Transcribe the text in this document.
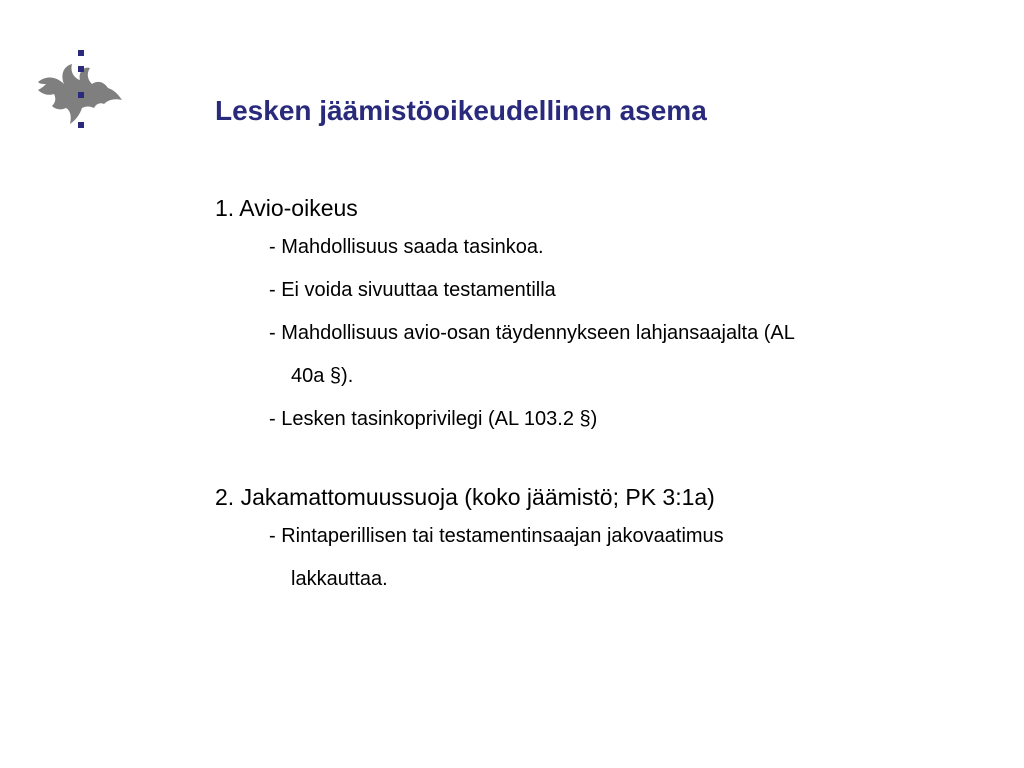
Lesken jäämistöoikeudellinen asema
1. Avio-oikeus
- Mahdollisuus saada tasinkoa.
- Ei voida sivuuttaa testamentilla
- Mahdollisuus avio-osan täydennykseen lahjansaajalta (AL
40a §).
- Lesken tasinkoprivilegi (AL 103.2 §)
2. Jakamattomuussuoja (koko jäämistö; PK 3:1a)
- Rintaperillisen tai testamentinsaajan jakovaatimus
lakkauttaa.
